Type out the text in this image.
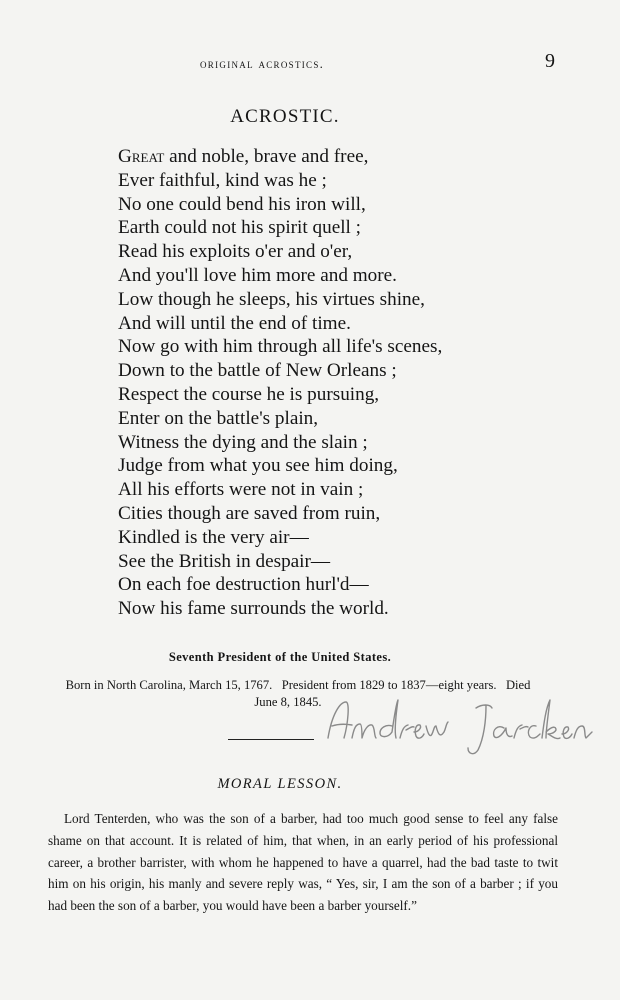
original acrostics.	9
ACROSTIC.
Great and noble, brave and free,
Ever faithful, kind was he ;
No one could bend his iron will,
Earth could not his spirit quell ;
Read his exploits o'er and o'er,
And you'll love him more and more.
Low though he sleeps, his virtues shine,
And will until the end of time.
Now go with him through all life's scenes,
Down to the battle of New Orleans ;
Respect the course he is pursuing,
Enter on the battle's plain,
Witness the dying and the slain ;
Judge from what you see him doing,
All his efforts were not in vain ;
Cities though are saved from ruin,
Kindled is the very air—
See the British in despair—
On each foe destruction hurl'd—
Now his fame surrounds the world.
Seventh President of the United States.
Born in North Carolina, March 15, 1767.   President from 1829 to 1837—eight years.   Died
June 8, 1845.
MORAL LESSON.
Lord Tenterden, who was the son of a barber, had too much good sense to feel any false shame on that account. It is related of him, that when, in an early period of his professional career, a brother barrister, with whom he happened to have a quarrel, had the bad taste to twit him on his origin, his manly and severe reply was, “ Yes, sir, I am the son of a barber ; if you had been the son of a barber, you would have been a barber yourself.”
